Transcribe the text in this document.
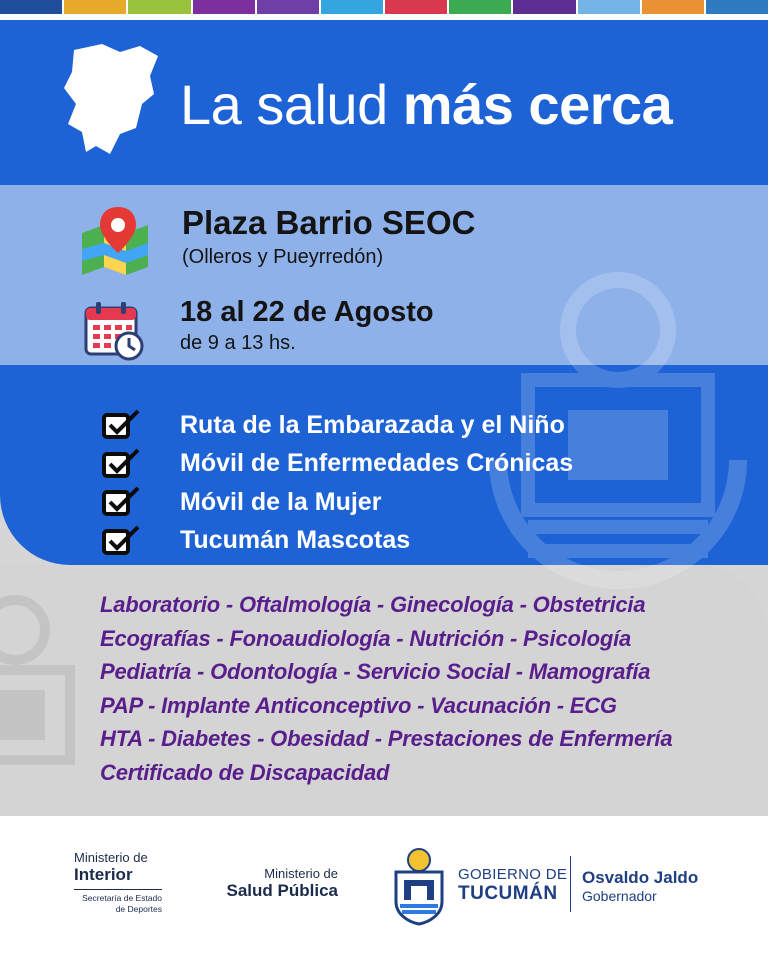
La salud más cerca
Plaza Barrio SEOC
(Olleros y Pueyrredón)
18 al 22 de Agosto
de 9 a 13 hs.
Ruta de la Embarazada y el Niño
Móvil de Enfermedades Crónicas
Móvil de la Mujer
Tucumán Mascotas
Laboratorio - Oftalmología - Ginecología - Obstetricia
Ecografías - Fonoaudiología - Nutrición - Psicología
Pediatría - Odontología - Servicio Social - Mamografía
PAP - Implante Anticonceptivo - Vacunación - ECG
HTA - Diabetes - Obesidad - Prestaciones de Enfermería
Certificado de Discapacidad
Ministerio de
Interior
Secretaría de Estado
de Deportes
Ministerio de
Salud Pública
GOBIERNO DE
TUCUMÁN
Osvaldo Jaldo
Gobernador
